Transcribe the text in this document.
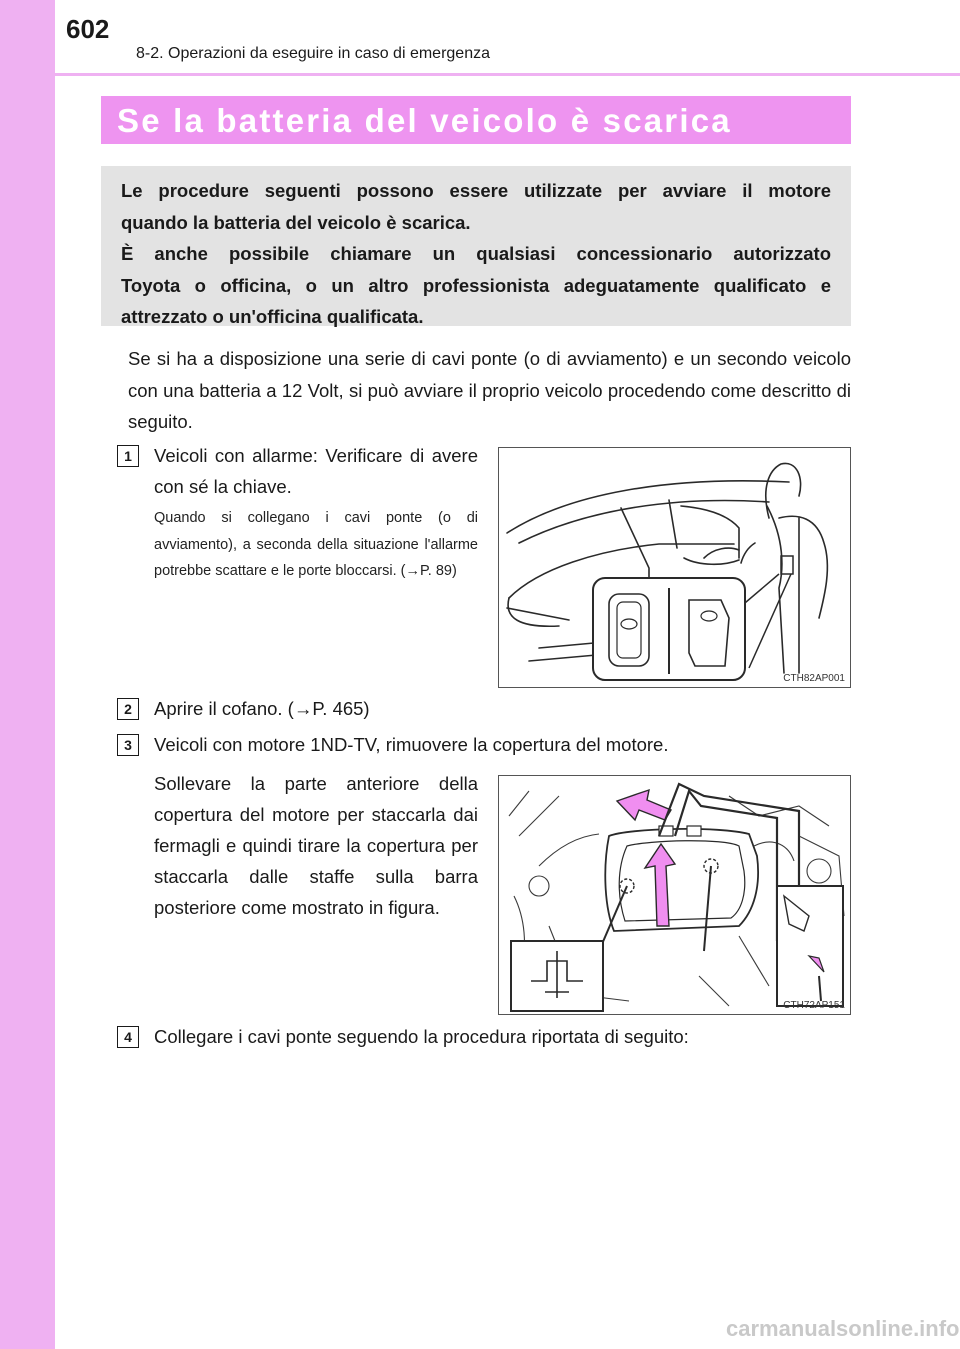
602
8-2. Operazioni da eseguire in caso di emergenza
Se la batteria del veicolo è scarica
Le procedure seguenti possono essere utilizzate per avviare il motore
quando la batteria del veicolo è scarica.
È anche possibile chiamare un qualsiasi concessionario autorizzato
Toyota o officina, o un altro professionista adeguatamente qualificato e
attrezzato o un'officina qualificata.
Se si ha a disposizione una serie di cavi ponte (o di avviamento) e un secondo veicolo con una batteria a 12 Volt, si può avviare il proprio veicolo procedendo come descritto di seguito.
1	Veicoli con allarme: Verificare di avere con sé la chiave.
Quando si collegano i cavi ponte (o di avviamento), a seconda della situazione l'allarme potrebbe scattare e le porte bloccarsi. (→P. 89)
CTH82AP001
2	Aprire il cofano. (→P. 465)
3	Veicoli con motore 1ND-TV, rimuovere la copertura del motore.
Sollevare la parte anteriore della copertura del motore per staccarla dai fermagli e quindi tirare la copertura per staccarla dalle staffe sulla barra posteriore come mostrato in figura.
CTH72AP151
4	Collegare i cavi ponte seguendo la procedura riportata di seguito:
carmanualsonline.info
